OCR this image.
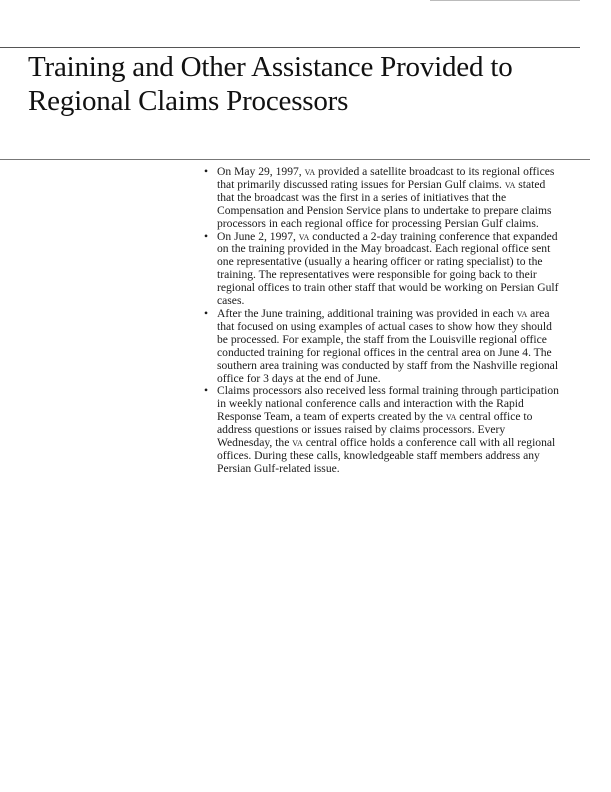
Training and Other Assistance Provided to
Regional Claims Processors
• On May 29, 1997, va provided a satellite broadcast to its regional offices
that primarily discussed rating issues for Persian Gulf claims. va stated
that the broadcast was the first in a series of initiatives that the
Compensation and Pension Service plans to undertake to prepare claims
processors in each regional office for processing Persian Gulf claims.
• On June 2, 1997, va conducted a 2-day training conference that expanded
on the training provided in the May broadcast. Each regional office sent
one representative (usually a hearing officer or rating specialist) to the
training. The representatives were responsible for going back to their
regional offices to train other staff that would be working on Persian Gulf
cases.
• After the June training, additional training was provided in each va area
that focused on using examples of actual cases to show how they should
be processed. For example, the staff from the Louisville regional office
conducted training for regional offices in the central area on June 4. The
southern area training was conducted by staff from the Nashville regional
office for 3 days at the end of June.
• Claims processors also received less formal training through participation
in weekly national conference calls and interaction with the Rapid
Response Team, a team of experts created by the va central office to
address questions or issues raised by claims processors. Every
Wednesday, the va central office holds a conference call with all regional
offices. During these calls, knowledgeable staff members address any
Persian Gulf-related issue.
